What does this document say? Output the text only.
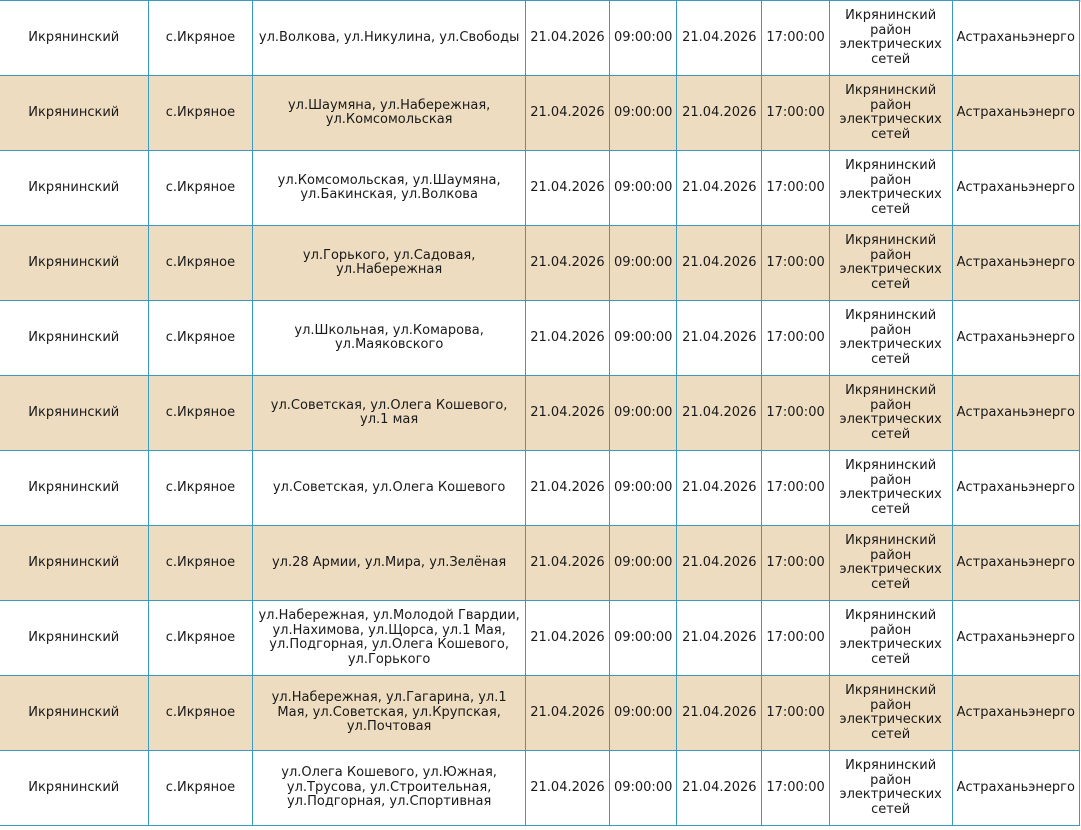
Икрянинский	с.Икряное	ул.Волкова, ул.Никулина, ул.Свободы	21.04.2026	09:00:00	21.04.2026	17:00:00	Икрянинский район электрических сетей	Астраханьэнерго
Икрянинский	с.Икряное	ул.Шаумяна, ул.Набережная, ул.Комсомольская	21.04.2026	09:00:00	21.04.2026	17:00:00	Икрянинский район электрических сетей	Астраханьэнерго
Икрянинский	с.Икряное	ул.Комсомольская, ул.Шаумяна, ул.Бакинская, ул.Волкова	21.04.2026	09:00:00	21.04.2026	17:00:00	Икрянинский район электрических сетей	Астраханьэнерго
Икрянинский	с.Икряное	ул.Горького, ул.Садовая, ул.Набережная	21.04.2026	09:00:00	21.04.2026	17:00:00	Икрянинский район электрических сетей	Астраханьэнерго
Икрянинский	с.Икряное	ул.Школьная, ул.Комарова, ул.Маяковского	21.04.2026	09:00:00	21.04.2026	17:00:00	Икрянинский район электрических сетей	Астраханьэнерго
Икрянинский	с.Икряное	ул.Советская, ул.Олега Кошевого, ул.1 мая	21.04.2026	09:00:00	21.04.2026	17:00:00	Икрянинский район электрических сетей	Астраханьэнерго
Икрянинский	с.Икряное	ул.Советская, ул.Олега Кошевого	21.04.2026	09:00:00	21.04.2026	17:00:00	Икрянинский район электрических сетей	Астраханьэнерго
Икрянинский	с.Икряное	ул.28 Армии, ул.Мира, ул.Зелёная	21.04.2026	09:00:00	21.04.2026	17:00:00	Икрянинский район электрических сетей	Астраханьэнерго
Икрянинский	с.Икряное	ул.Набережная, ул.Молодой Гвардии, ул.Нахимова, ул.Щорса, ул.1 Мая, ул.Подгорная, ул.Олега Кошевого, ул.Горького	21.04.2026	09:00:00	21.04.2026	17:00:00	Икрянинский район электрических сетей	Астраханьэнерго
Икрянинский	с.Икряное	ул.Набережная, ул.Гагарина, ул.1 Мая, ул.Советская, ул.Крупская, ул.Почтовая	21.04.2026	09:00:00	21.04.2026	17:00:00	Икрянинский район электрических сетей	Астраханьэнерго
Икрянинский	с.Икряное	ул.Олега Кошевого, ул.Южная, ул.Трусова, ул.Строительная, ул.Подгорная, ул.Спортивная	21.04.2026	09:00:00	21.04.2026	17:00:00	Икрянинский район электрических сетей	Астраханьэнерго
